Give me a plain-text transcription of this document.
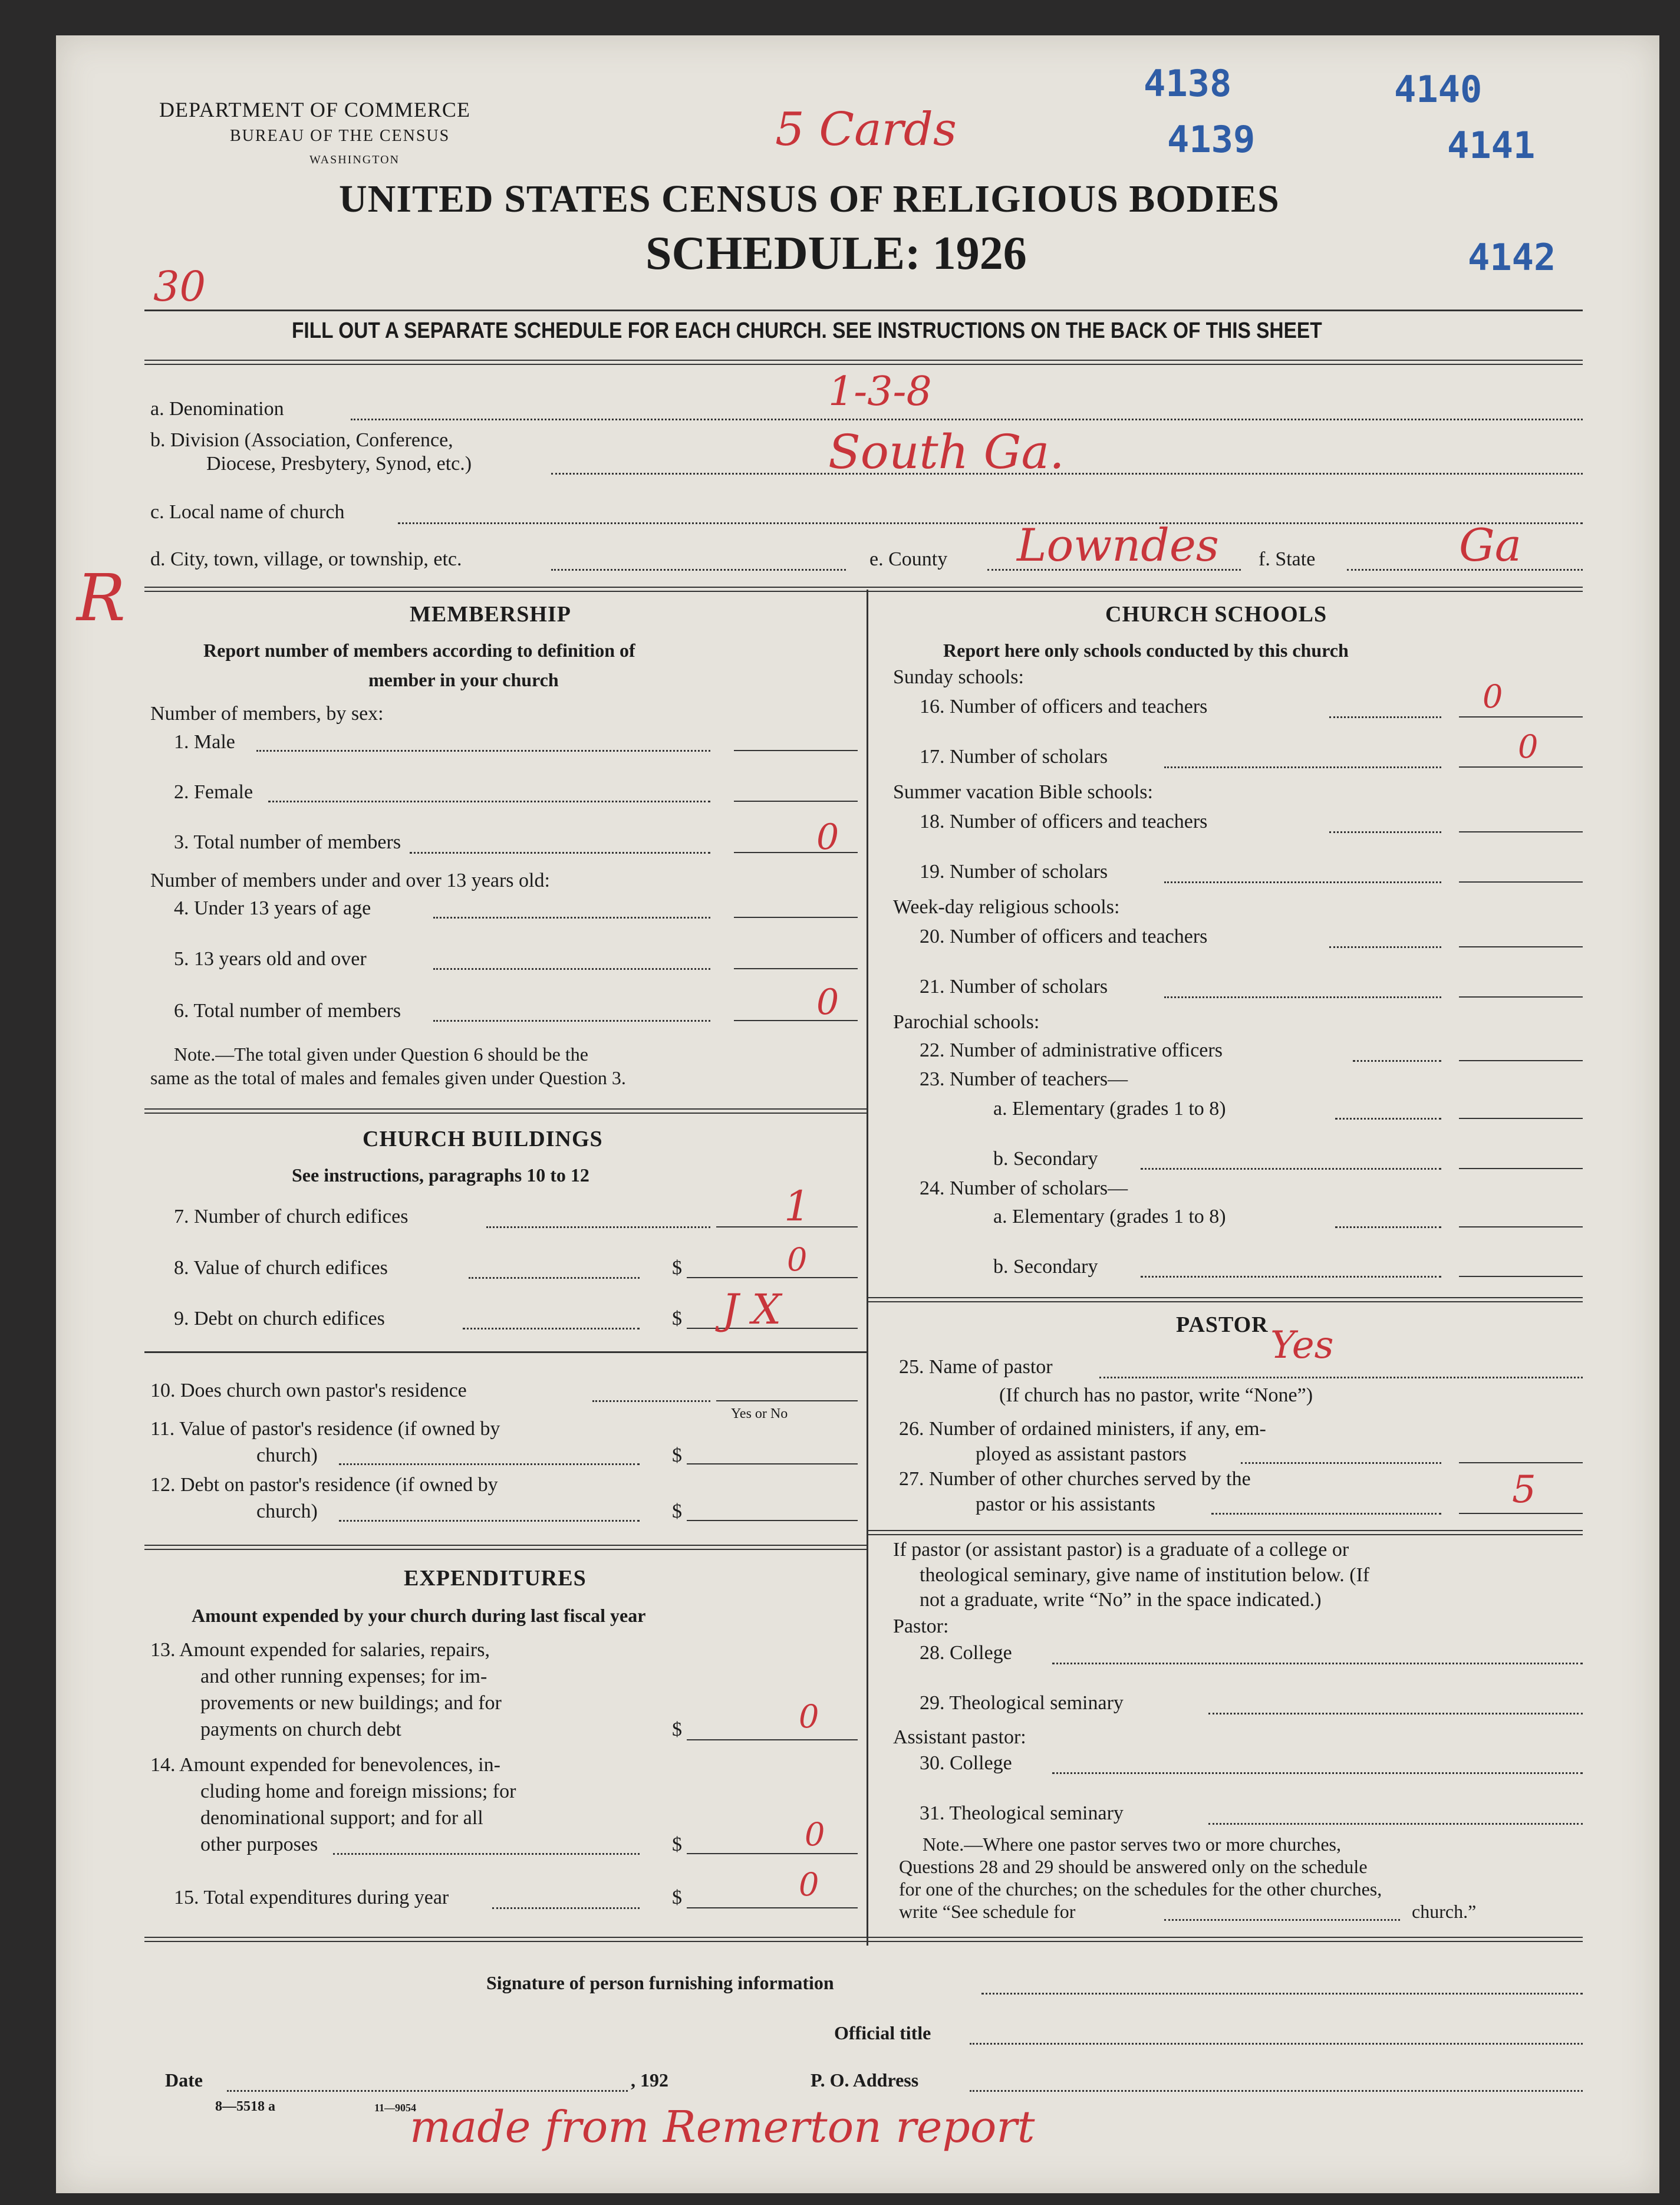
DEPARTMENT OF COMMERCE
BUREAU OF THE CENSUS
WASHINGTON
UNITED STATES CENSUS OF RELIGIOUS BODIES
SCHEDULE: 1926
5 Cards
30
R
4138
4139
4140
4141
4142
FILL OUT A SEPARATE SCHEDULE FOR EACH CHURCH. SEE INSTRUCTIONS ON THE BACK OF THIS SHEET
a. Denomination	1-3-8
b. Division (Association, Conference,
Diocese, Presbytery, Synod, etc.)	South Ga.
c. Local name of church
d. City, town, village, or township, etc.	e. County Lowndes f. State	Ga
MEMBERSHIP
Report number of members according to definition of
member in your church
Number of members, by sex:
1. Male
2. Female
3. Total number of members	0
Number of members under and over 13 years old:
4. Under 13 years of age
5. 13 years old and over
6. Total number of members	0
Note.—The total given under Question 6 should be the
same as the total of males and females given under Question 3.
CHURCH BUILDINGS
See instructions, paragraphs 10 to 12
7. Number of church edifices	1
8. Value of church edifices	$	0
9. Debt on church edifices	$ J X
10. Does church own pastor's residence
Yes or No
11. Value of pastor's residence (if owned by
church)	$
12. Debt on pastor's residence (if owned by
church)	$
EXPENDITURES
Amount expended by your church during last fiscal year
13. Amount expended for salaries, repairs,
and other running expenses; for im-
provements or new buildings; and for
payments on church debt	$	0
14. Amount expended for benevolences, in-
cluding home and foreign missions; for
denominational support; and for all
other purposes	$	0
15. Total expenditures during year	$	0
CHURCH SCHOOLS
Report here only schools conducted by this church
Sunday schools:
16. Number of officers and teachers	0
17. Number of scholars	0
Summer vacation Bible schools:
18. Number of officers and teachers
19. Number of scholars
Week-day religious schools:
20. Number of officers and teachers
21. Number of scholars
Parochial schools:
22. Number of administrative officers
23. Number of teachers—
a. Elementary (grades 1 to 8)
b. Secondary
24. Number of scholars—
a. Elementary (grades 1 to 8)
b. Secondary
PASTOR
25. Name of pastor	Yes
(If church has no pastor, write “None”)
26. Number of ordained ministers, if any, em-
ployed as assistant pastors
27. Number of other churches served by the
pastor or his assistants	5
If pastor (or assistant pastor) is a graduate of a college or
theological seminary, give name of institution below. (If
not a graduate, write “No” in the space indicated.)
Pastor:
28. College
29. Theological seminary
Assistant pastor:
30. College
31. Theological seminary
Note.—Where one pastor serves two or more churches,
Questions 28 and 29 should be answered only on the schedule
for one of the churches; on the schedules for the other churches,
write “See schedule for	church.”
Signature of person furnishing information
Official title
Date	, 192	P. O. Address
8—5518 a	11—9054
made from Remerton report
